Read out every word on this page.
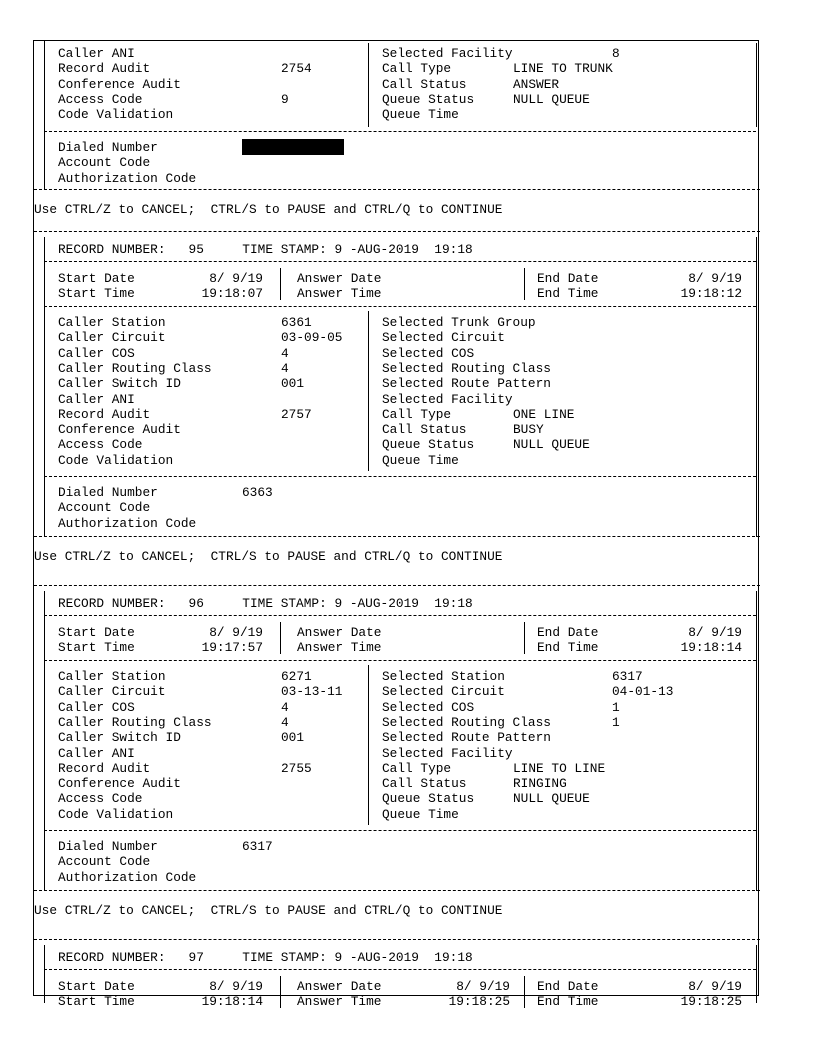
Caller ANI
Record Audit
Conference Audit
Access Code
Code Validation
2754
9
Selected Facility
Call Type
Call Status
Queue Status
Queue Time
8
LINE TO TRUNK
ANSWER
NULL QUEUE
Dialed Number
Account Code
Authorization Code
Use CTRL/Z to CANCEL;  CTRL/S to PAUSE and CTRL/Q to CONTINUE
RECORD NUMBER:   95     TIME STAMP: 9 -AUG-2019  19:18
Start Date
Start Time
8/ 9/19
19:18:07
Answer Date
Answer Time
End Date
End Time
8/ 9/19
19:18:12
Caller Station
Caller Circuit
Caller COS
Caller Routing Class
Caller Switch ID
Caller ANI
Record Audit
Conference Audit
Access Code
Code Validation
6361
03-09-05
4
4
001
2757
Selected Trunk Group
Selected Circuit
Selected COS
Selected Routing Class
Selected Route Pattern
Selected Facility
Call Type
Call Status
Queue Status
Queue Time
ONE LINE
BUSY
NULL QUEUE
Dialed Number
Account Code
Authorization Code
6363
Use CTRL/Z to CANCEL;  CTRL/S to PAUSE and CTRL/Q to CONTINUE
RECORD NUMBER:   96     TIME STAMP: 9 -AUG-2019  19:18
Start Date
Start Time
8/ 9/19
19:17:57
Answer Date
Answer Time
End Date
End Time
8/ 9/19
19:18:14
Caller Station
Caller Circuit
Caller COS
Caller Routing Class
Caller Switch ID
Caller ANI
Record Audit
Conference Audit
Access Code
Code Validation
6271
03-13-11
4
4
001
2755
Selected Station
Selected Circuit
Selected COS
Selected Routing Class
Selected Route Pattern
Selected Facility
Call Type
Call Status
Queue Status
Queue Time
6317
04-01-13
1
1
LINE TO LINE
RINGING
NULL QUEUE
Dialed Number
Account Code
Authorization Code
6317
Use CTRL/Z to CANCEL;  CTRL/S to PAUSE and CTRL/Q to CONTINUE
RECORD NUMBER:   97     TIME STAMP: 9 -AUG-2019  19:18
Start Date
Start Time
8/ 9/19
19:18:14
Answer Date
Answer Time
8/ 9/19
19:18:25
End Date
End Time
8/ 9/19
19:18:25
